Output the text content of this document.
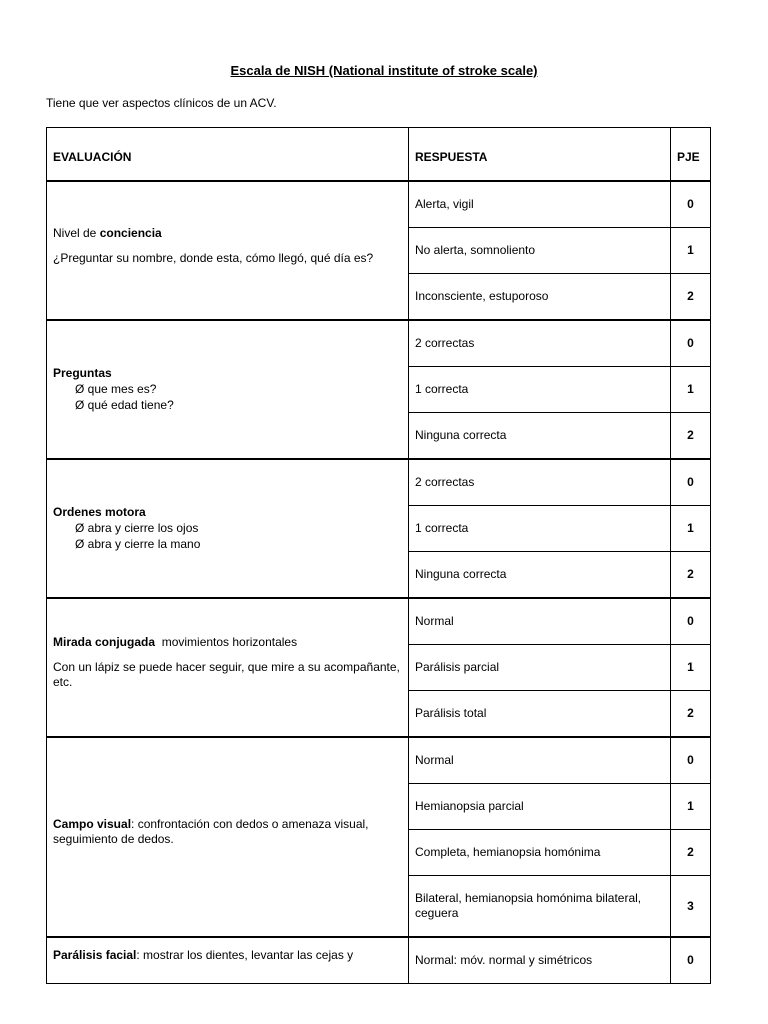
Escala de NISH (National institute of stroke scale)
Tiene que ver aspectos clínicos de un ACV.
EVALUACIÓN	RESPUESTA	PJE

Nivel de conciencia

¿Preguntar su nombre, donde esta, cómo llegó, qué día es?	Alerta, vigil	0
	No alerta, somnoliento	1
	Inconsciente, estuporoso	2

Preguntas

Ø que mes es?
Ø qué edad tiene?	2 correctas	0
	1 correcta	1
	Ninguna correcta	2

Ordenes motora

Ø abra y cierre los ojos
Ø abra y cierre la mano	2 correctas	0
	1 correcta	1
	Ninguna correcta	2

Mirada conjugada  movimientos horizontales

Con un lápiz se puede hacer seguir, que mire a su acompañante, etc.	Normal	0
	Parálisis parcial	1
	Parálisis total	2

Campo visual: confrontación con dedos o amenaza visual, seguimiento de dedos.	Normal	0
	Hemianopsia parcial	1
	Completa, hemianopsia homónima	2
	Bilateral, hemianopsia homónima bilateral, ceguera	3

Parálisis facial: mostrar los dientes, levantar las cejas y	Normal: móv. normal y simétricos	0
